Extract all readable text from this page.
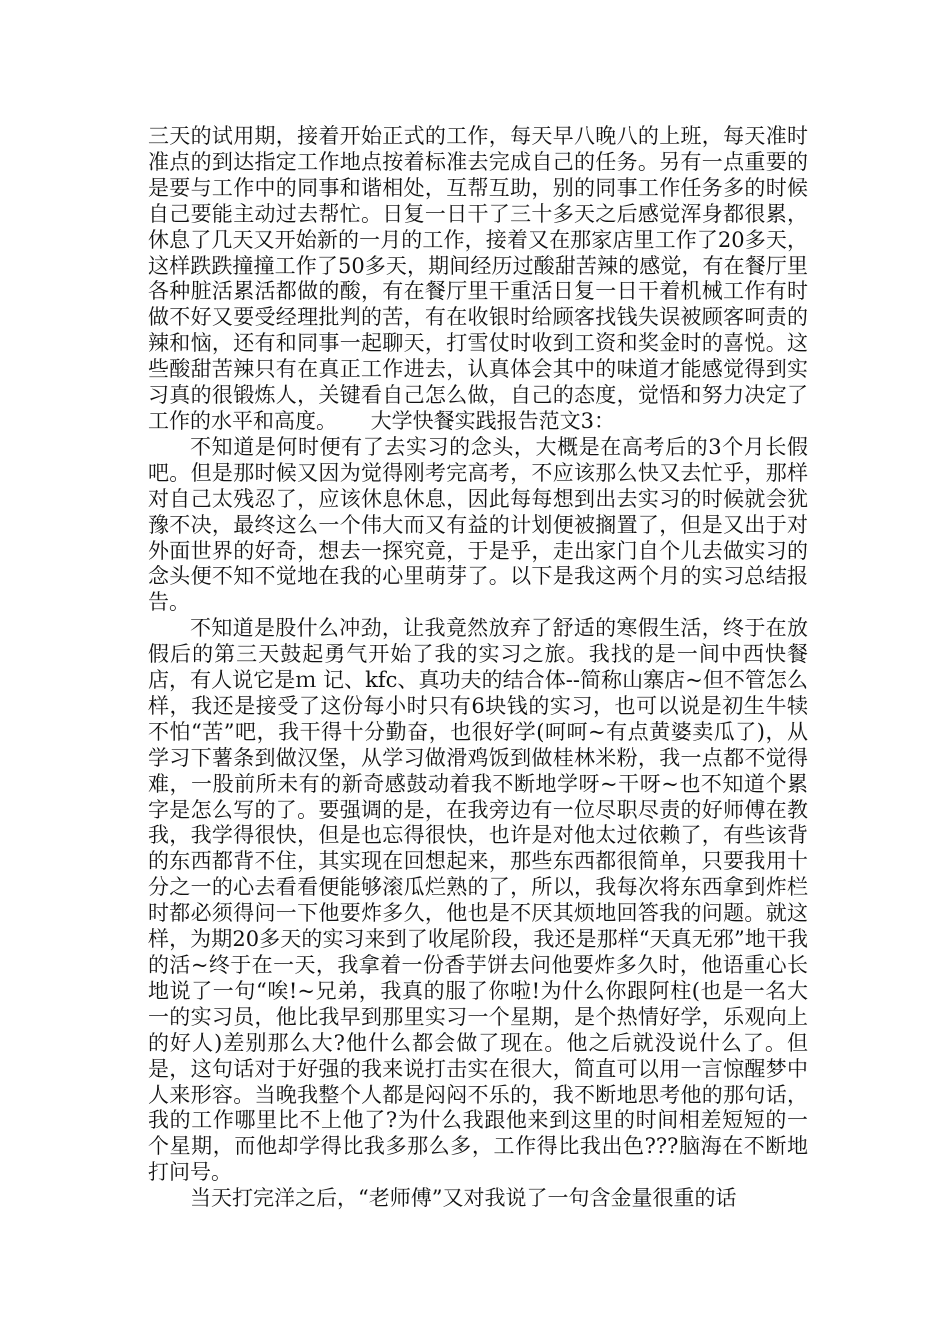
三天的试用期，接着开始正式的工作，每天早八晚八的上班，每天准时准点的到达指定工作地点按着标准去完成自己的任务。另有一点重要的是要与工作中的同事和谐相处，互帮互助，别的同事工作任务多的时候自己要能主动过去帮忙。日复一日干了三十多天之后感觉浑身都很累，休息了几天又开始新的一月的工作，接着又在那家店里工作了20多天，这样跌跌撞撞工作了50多天，期间经历过酸甜苦辣的感觉，有在餐厅里各种脏活累活都做的酸，有在餐厅里干重活日复一日干着机械工作有时做不好又要受经理批判的苦，有在收银时给顾客找钱失误被顾客呵责的辣和恼，还有和同事一起聊天，打雪仗时收到工资和奖金时的喜悦。这些酸甜苦辣只有在真正工作进去，认真体会其中的味道才能感觉得到实习真的很锻炼人，关键看自己怎么做，自己的态度，觉悟和努力决定了工作的水平和高度。 大学快餐实践报告范文3：

不知道是何时便有了去实习的念头，大概是在高考后的3个月长假吧。但是那时候又因为觉得刚考完高考，不应该那么快又去忙乎，那样对自己太残忍了，应该休息休息，因此每每想到出去实习的时候就会犹豫不决，最终这么一个伟大而又有益的计划便被搁置了，但是又出于对外面世界的好奇，想去一探究竟，于是乎，走出家门自个儿去做实习的念头便不知不觉地在我的心里萌芽了。以下是我这两个月的实习总结报告。

不知道是股什么冲劲，让我竟然放弃了舒适的寒假生活，终于在放假后的第三天鼓起勇气开始了我的实习之旅。我找的是一间中西快餐店，有人说它是ｍ 记、kfc、真功夫的结合体--简称山寨店~但不管怎么样，我还是接受了这份每小时只有6块钱的实习，也可以说是初生牛犊不怕“苦”吧，我干得十分勤奋，也很好学(呵呵~有点黄婆卖瓜了)，从学习下薯条到做汉堡，从学习做滑鸡饭到做桂林米粉，我一点都不觉得难，一股前所未有的新奇感鼓动着我不断地学呀~干呀~也不知道个累字是怎么写的了。要强调的是，在我旁边有一位尽职尽责的好师傅在教我，我学得很快，但是也忘得很快，也许是对他太过依赖了，有些该背的东西都背不住，其实现在回想起来，那些东西都很简单，只要我用十分之一的心去看看便能够滚瓜烂熟的了，所以，我每次将东西拿到炸栏时都必须得问一下他要炸多久，他也是不厌其烦地回答我的问题。就这样，为期20多天的实习来到了收尾阶段，我还是那样“天真无邪”地干我的活~终于在一天，我拿着一份香芋饼去问他要炸多久时，他语重心长地说了一句“唉!~兄弟，我真的服了你啦!为什么你跟阿柱(也是一名大一的实习员，他比我早到那里实习一个星期，是个热情好学，乐观向上的好人)差别那么大?他什么都会做了现在。他之后就没说什么了。但是，这句话对于好强的我来说打击实在很大，简直可以用一言惊醒梦中人来形容。当晚我整个人都是闷闷不乐的，我不断地思考他的那句话，我的工作哪里比不上他了?为什么我跟他来到这里的时间相差短短的一个星期，而他却学得比我多那么多，工作得比我出色???脑海在不断地打问号。

当天打完洋之后，“老师傅”又对我说了一句含金量很重的话
